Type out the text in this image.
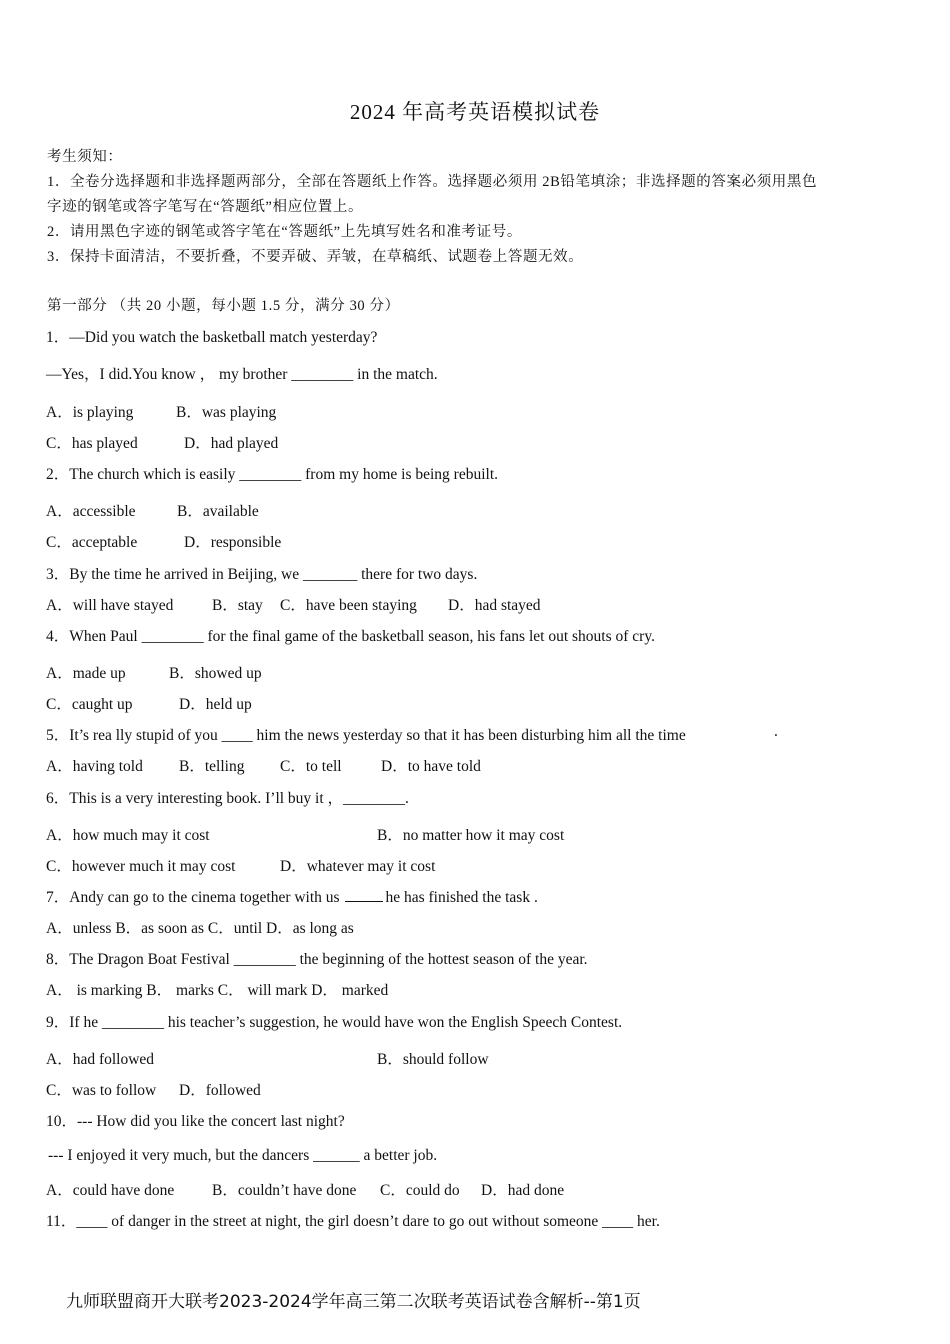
2024 年高考英语模拟试卷
考生须知：
1．全卷分选择题和非选择题两部分，全部在答题纸上作答。选择题必须用 2B铅笔填涂；非选择题的答案必须用黑色
字迹的钢笔或答字笔写在“答题纸”相应位置上。
2．请用黑色字迹的钢笔或答字笔在“答题纸”上先填写姓名和准考证号。
3．保持卡面清洁，不要折叠，不要弄破、弄皱，在草稿纸、试题卷上答题无效。
第一部分 （共 20 小题，每小题 1.5 分，满分 30 分）
1．—Did you watch the basketball match yesterday?
—Yes，I did.You know ， my brother ________ in the match.
A．is playing	B．was playing
C．has played	D．had played
2．The church which is easily ________ from my home is being rebuilt.
A．accessible	B．available
C．acceptable	D．responsible
3．By the time he arrived in Beijing, we _______ there for two days.
A．will have stayed B．stay C．have been staying D．had stayed
4．When Paul ________ for the final game of the basketball season, his fans let out shouts of cry.
A．made up	B．showed up
C．caught up	D．held up
5．It’s rea lly stupid of you ____ him the news yesterday so that it has been disturbing him all the time	.
A．having told B．telling C．to tell	D．to have told
6．This is a very interesting book. I’ll buy it ，________.
A．how much may it cost	B．no matter how it may cost
C．however much it may cost	D．whatever may it cost
7．Andy can go to the cinema together with us	he has finished the task .
A．unless B．as soon as C．until D．as long as
8．The Dragon Boat Festival ________ the beginning of the hottest season of the year.
A． is marking B． marks C． will mark D． marked
9．If he ________ his teacher’s suggestion, he would have won the English Speech Contest.
A．had followed	B．should follow
C．was to follow D．followed
10．--- How did you like the concert last night?
--- I enjoyed it very much, but the dancers ______ a better job.
A．could have done B．couldn’t have done C．could do D．had done
11．____ of danger in the street at night, the girl doesn’t dare to go out without someone ____ her.
九师联盟商开大联考2023-2024学年高三第二次联考英语试卷含解析--第1页
